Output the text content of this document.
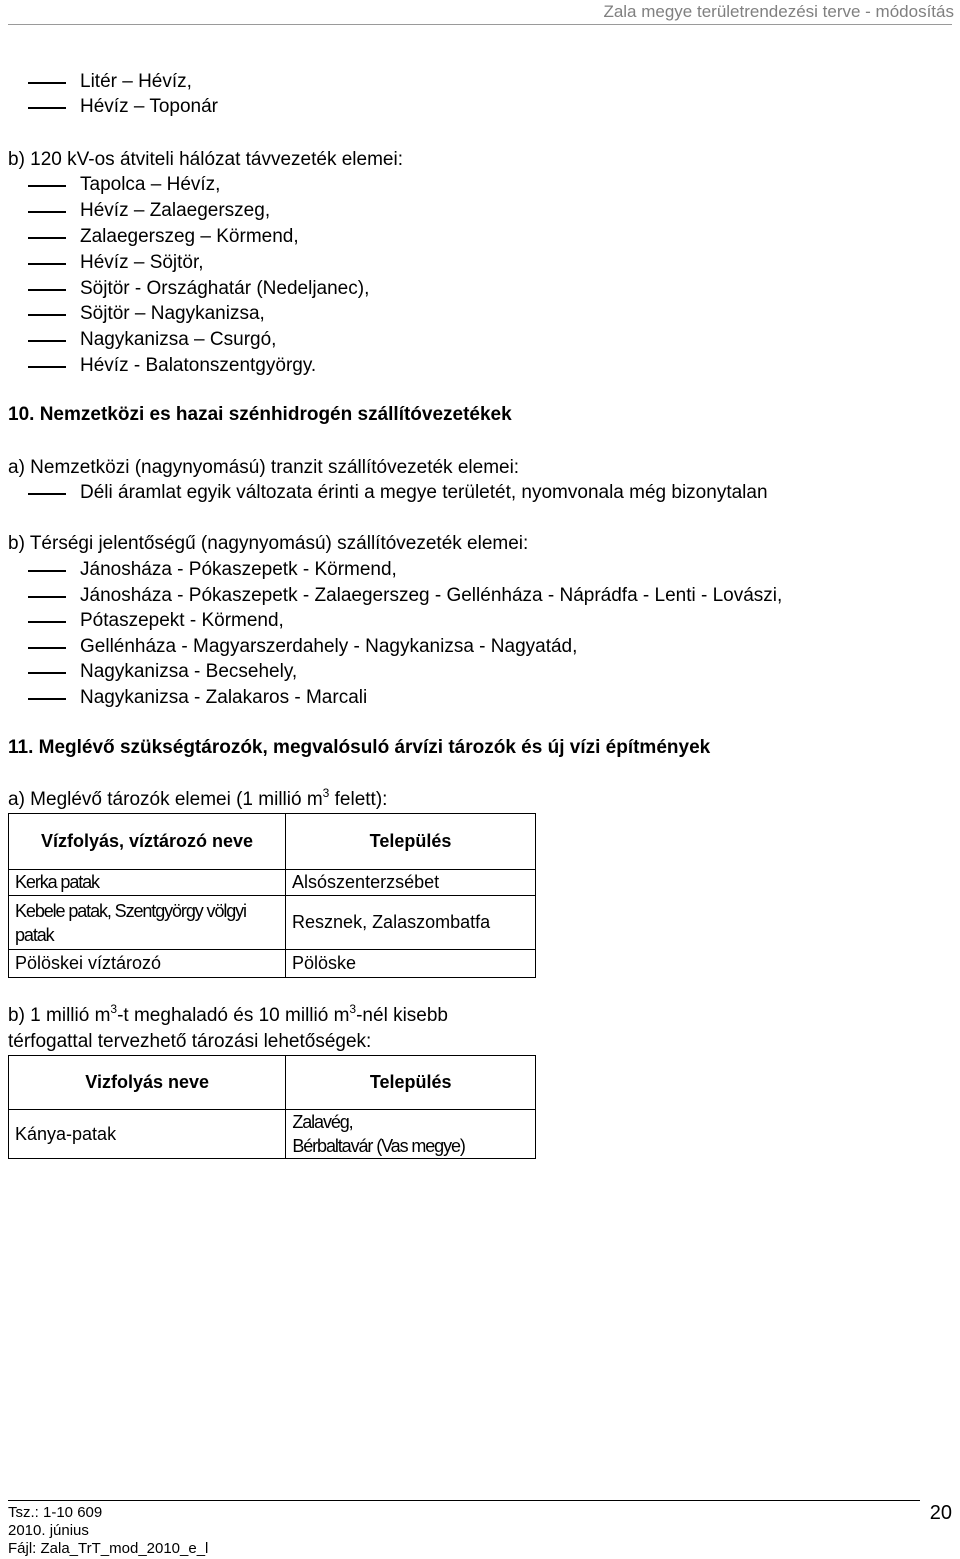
Zala megye területrendezési terve - módosítás
Litér – Hévíz,
Hévíz – Toponár
b) 120 kV-os átviteli hálózat távvezeték elemei:
Tapolca – Hévíz,
Hévíz – Zalaegerszeg,
Zalaegerszeg – Körmend,
Hévíz – Söjtör,
Söjtör - Országhatár (Nedeljanec),
Söjtör – Nagykanizsa,
Nagykanizsa – Csurgó,
Hévíz - Balatonszentgyörgy.
10. Nemzetközi es hazai szénhidrogén szállítóvezetékek
a) Nemzetközi (nagynyomású) tranzit szállítóvezeték elemei:
Déli áramlat egyik változata érinti a megye területét, nyomvonala még bizonytalan
b) Térségi jelentőségű (nagynyomású) szállítóvezeték elemei:
Jánosháza - Pókaszepetk - Körmend,
Jánosháza - Pókaszepetk - Zalaegerszeg - Gellénháza - Náprádfa - Lenti - Lovászi,
Pótaszepekt - Körmend,
Gellénháza - Magyarszerdahely - Nagykanizsa - Nagyatád,
Nagykanizsa - Becsehely,
Nagykanizsa - Zalakaros - Marcali
11. Meglévő szükségtározók, megvalósuló árvízi tározók és új vízi építmények
a) Meglévő tározók elemei (1 millió $m^3$ felett):
Vízfolyás, víztározó neve	Település
Kerka patak	Alsószenterzsébet

Kebele patak, Szentgyörgy völgyi
patak	Resznek, Zalaszombatfa
Pölöskei víztározó	Pölöske
b) 1 millió $m^3-t$ meghaladó és 10 millió $m^3$-nél kisebb
térfogattal tervezhető tározási lehetőségek:
Vizfolyás neve	Település
Kánya-patak	Zalavég,
Bérbaltavár (Vas megye)
Tsz.: 1-10 609
2010. június
Fájl: Zala_TrT_mod_2010_e_l
20
